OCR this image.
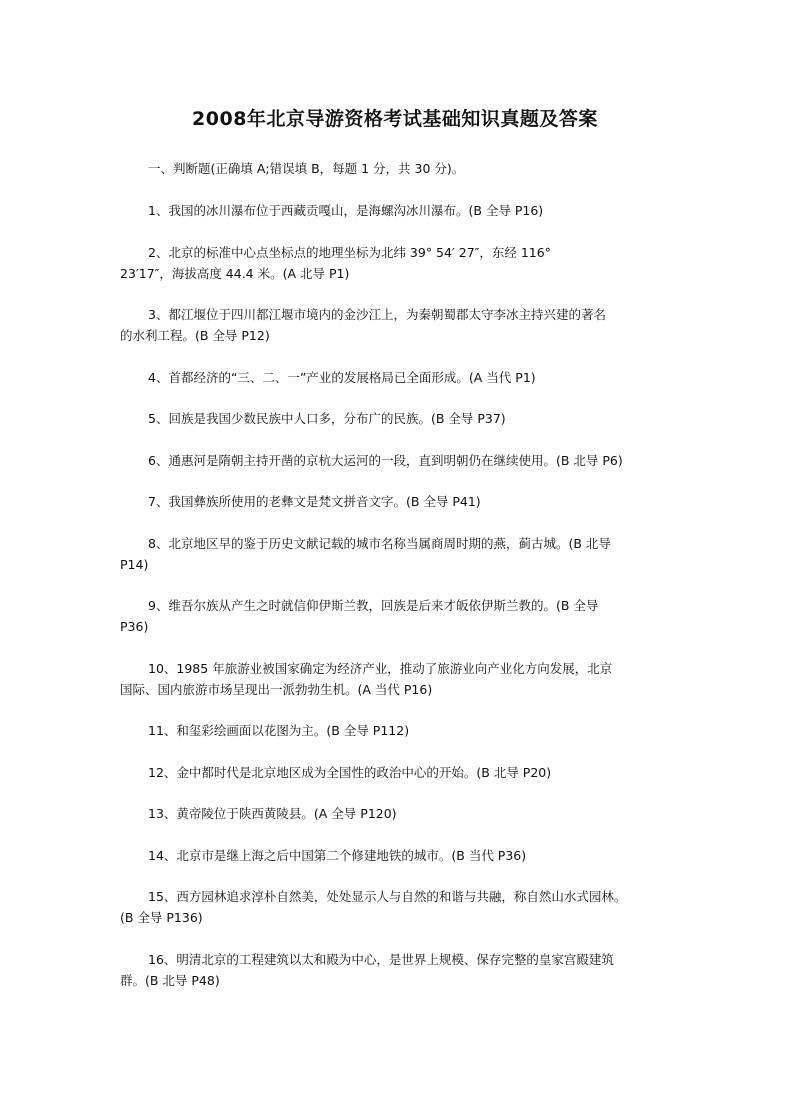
2008年北京导游资格考试基础知识真题及答案
一、判断题(正确填 A;错误填 B，每题 1 分，共 30 分)。
1、我国的冰川瀑布位于西藏贡嘎山，是海螺沟冰川瀑布。(B 全导 P16)
2、北京的标准中心点坐标点的地理坐标为北纬 39° 54′ 27″，东经 116°
23′17″，海拔高度 44.4 米。(A 北导 P1)
3、都江堰位于四川都江堰市境内的金沙江上，为秦朝蜀郡太守李冰主持兴建的著名
的水利工程。(B 全导 P12)
4、首都经济的“三、二、一”产业的发展格局已全面形成。(A 当代 P1)
5、回族是我国少数民族中人口多，分布广的民族。(B 全导 P37)
6、通惠河是隋朝主持开凿的京杭大运河的一段，直到明朝仍在继续使用。(B 北导 P6)
7、我国彝族所使用的老彝文是梵文拼音文字。(B 全导 P41)
8、北京地区早的鉴于历史文献记载的城市名称当属商周时期的燕，蓟古城。(B 北导
P14)
9、维吾尔族从产生之时就信仰伊斯兰教，回族是后来才皈依伊斯兰教的。(B 全导
P36)
10、1985 年旅游业被国家确定为经济产业，推动了旅游业向产业化方向发展，北京
国际、国内旅游市场呈现出一派勃勃生机。(A 当代 P16)
11、和玺彩绘画面以花图为主。(B 全导 P112)
12、金中都时代是北京地区成为全国性的政治中心的开始。(B 北导 P20)
13、黄帝陵位于陕西黄陵县。(A 全导 P120)
14、北京市是继上海之后中国第二个修建地铁的城市。(B 当代 P36)
15、西方园林追求淳朴自然美，处处显示人与自然的和谐与共融，称自然山水式园林。
(B 全导 P136)
16、明清北京的工程建筑以太和殿为中心，是世界上规模、保存完整的皇家宫殿建筑
群。(B 北导 P48)
